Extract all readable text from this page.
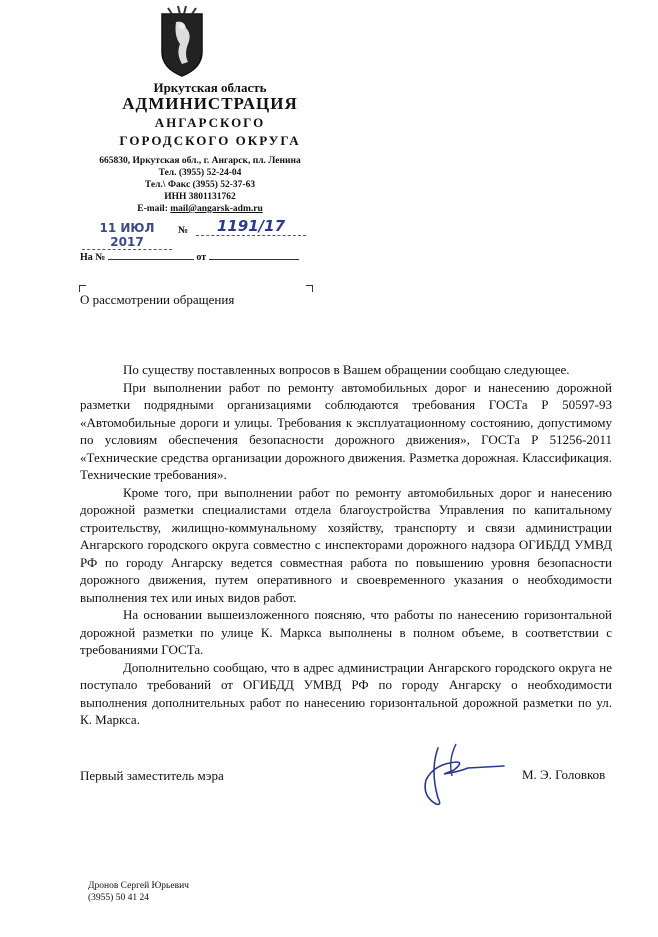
Иркутская область
АДМИНИСТРАЦИЯ
АНГАРСКОГО
ГОРОДСКОГО ОКРУГА
665830, Иркутская обл., г. Ангарск, пл. Ленина
Тел. (3955) 52-24-04
Тел.\ Факс (3955) 52-37-63
ИНН 3801131762
E-mail: mail@angarsk-adm.ru
11 ИЮЛ 2017
№	1191/17
На №	от
О рассмотрении обращения

По существу поставленных вопросов в Вашем обращении сообщаю следующее.

При выполнении работ по ремонту автомобильных дорог и нанесению дорожной разметки подрядными организациями соблюдаются требования ГОСТа Р 50597-93 «Автомобильные дороги и улицы. Требования к эксплуатационному состоянию, допустимому по условиям обеспечения безопасности дорожного движения», ГОСТа Р 51256-2011 «Технические средства организации дорожного движения. Разметка дорожная. Классификация. Технические требования».

Кроме того, при выполнении работ по ремонту автомобильных дорог и нанесению дорожной разметки специалистами отдела благоустройства Управления по капитальному строительству, жилищно-коммунальному хозяйству, транспорту и связи администрации Ангарского городского округа совместно с инспекторами дорожного надзора ОГИБДД УМВД РФ по городу Ангарску ведется совместная работа по повышению уровня безопасности дорожного движения, путем оперативного и своевременного указания о необходимости выполнения тех или иных видов работ.

На основании вышеизложенного поясняю, что работы по нанесению горизонтальной дорожной разметки по улице К. Маркса выполнены в полном объеме, в соответствии с требованиями ГОСТа.

Дополнительно сообщаю, что в адрес администрации Ангарского городского округа не поступало требований от ОГИБДД УМВД РФ по городу Ангарску о необходимости выполнения дополнительных работ по нанесению горизонтальной дорожной разметки по ул. К. Маркса.

Первый заместитель мэра	М. Э. Головков
Дронов Сергей Юрьевич
(3955) 50 41 24
